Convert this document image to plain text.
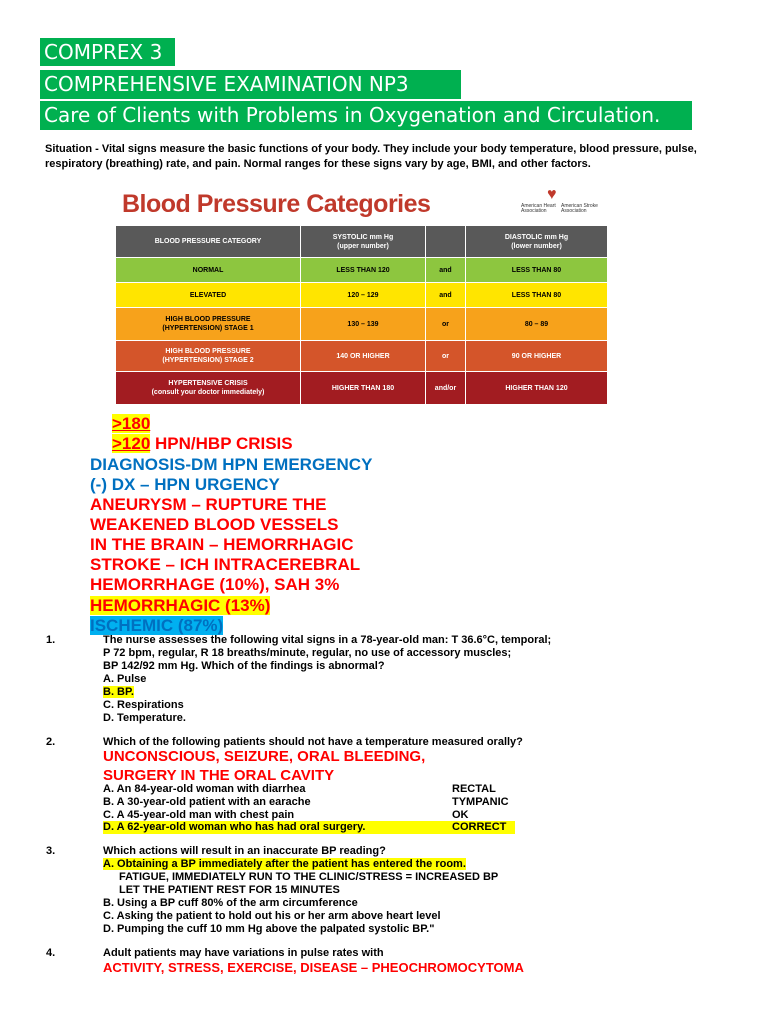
COMPREX 3
COMPREHENSIVE EXAMINATION NP3
Care of Clients with Problems in Oxygenation and Circulation.
Situation - Vital signs measure the basic functions of your body. They include your body temperature, blood pressure, pulse, respiratory (breathing) rate, and pain. Normal ranges for these signs vary by age, BMI, and other factors.
Blood Pressure Categories	♥
American Heart Association
American Stroke Association
BLOOD PRESSURE CATEGORY	SYSTOLIC mm Hg
(upper number)		DIASTOLIC mm Hg
(lower number)
NORMAL	LESS THAN 120	and	LESS THAN 80
ELEVATED	120 – 129	and	LESS THAN 80
HIGH BLOOD PRESSURE
(HYPERTENSION) STAGE 1	130 – 139	or	80 – 89
HIGH BLOOD PRESSURE
(HYPERTENSION) STAGE 2	140 OR HIGHER	or	90 OR HIGHER
HYPERTENSIVE CRISIS
(consult your doctor immediately)	HIGHER THAN 180	and/or	HIGHER THAN 120
>180
>120 HPN/HBP CRISIS
DIAGNOSIS-DM HPN EMERGENCY
(-) DX – HPN URGENCY
ANEURYSM – RUPTURE THE
WEAKENED BLOOD VESSELS
IN THE BRAIN – HEMORRHAGIC
STROKE – ICH INTRACEREBRAL
HEMORRHAGE (10%), SAH 3%
HEMORRHAGIC (13%)
ISCHEMIC (87%)
1.	The nurse assesses the following vital signs in a 78-year-old man: T 36.6°C, temporal;
P 72 bpm, regular, R 18 breaths/minute, regular, no use of accessory muscles;
BP 142/92 mm Hg. Which of the findings is abnormal?
A. Pulse
B. BP.
C. Respirations
D. Temperature.
2.	Which of the following patients should not have a temperature measured orally?
UNCONSCIOUS, SEIZURE, ORAL BLEEDING,
SURGERY IN THE ORAL CAVITY
A. An 84-year-old woman with diarrhea	RECTAL
B. A 30-year-old patient with an earache	TYMPANIC
C. A 45-year-old man with chest pain	OK
D. A 62-year-old woman who has had oral surgery.	CORRECT
3.	Which actions will result in an inaccurate BP reading?
A. Obtaining a BP immediately after the patient has entered the room.
FATIGUE, IMMEDIATELY RUN TO THE CLINIC/STRESS = INCREASED BP
LET THE PATIENT REST FOR 15 MINUTES
B. Using a BP cuff 80% of the arm circumference
C. Asking the patient to hold out his or her arm above heart level
D. Pumping the cuff 10 mm Hg above the palpated systolic BP."
4.	Adult patients may have variations in pulse rates with
ACTIVITY, STRESS, EXERCISE, DISEASE – PHEOCHROMOCYTOMA
